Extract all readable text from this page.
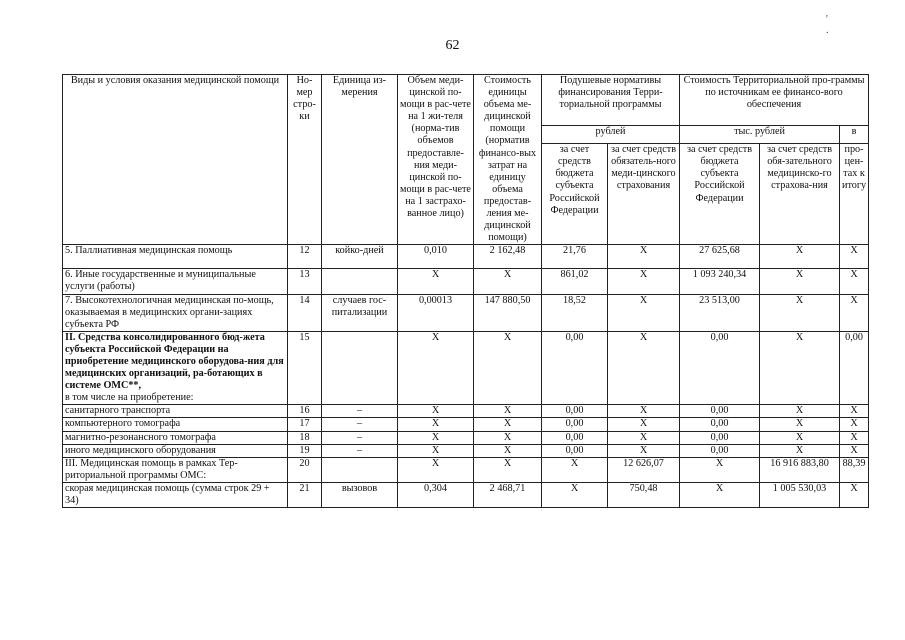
62
' .
Виды и условия оказания медицинской помощи	Но-мер стро-ки	Единица из-мерения	Объем меди-цинской по-мощи в рас-чете на 1 жи-теля (норма-тив объемов предоставле-ния меди-цинской по-мощи в рас-чете на 1 застрахо-ванное лицо)	Стоимость единицы объема ме-дицинской помощи (норматив финансо-вых затрат на единицу объема предостав-ления ме-дицинской помощи)	Подушевые нормативы финансирования Терри-ториальной программы		Стоимость Территориальной про-граммы по источникам ее финансо-вого обеспечения		
					рублей		тыс. рублей		в
					за счет средств бюджета субъекта Российской Федерации	за счет средств обязатель-ного меди-цинского страхования	за счет средств бюджета субъекта Российской Федерации	за счет средств обя-зательного медицинско-го страхова-ния	про-цен-тах к итогу
5. Паллиативная медицинская помощь	12	койко-дней	0,010	2 162,48	21,76	X	27 625,68	X	X
6. Иные государственные и муниципальные услуги (работы)	13		X	X	861,02	X	1 093 240,34	X	X
7. Высокотехнологичная медицинская по-мощь, оказываемая в медицинских органи-зациях субъекта РФ	14	случаев гос-питализации	0,00013	147 880,50	18,52	X	23 513,00	X	X
II. Средства консолидированного бюд-жета субъекта Российской Федерации на приобретение медицинского оборудова-ния для медицинских организаций, ра-ботающих в системе ОМС**,
в том числе на приобретение:	15		X	X	0,00	X	0,00	X	0,00
санитарного транспорта	16	–	X	X	0,00	X	0,00	X	X
компьютерного томографа	17	–	X	X	0,00	X	0,00	X	X
магнитно-резонансного томографа	18	–	X	X	0,00	X	0,00	X	X
иного медицинского оборудования	19	–	X	X	0,00	X	0,00	X	X
III. Медицинская помощь в рамках Тер-риториальной программы ОМС:	20		X	X	X	12 626,07	X	16 916 883,80	88,39
скорая медицинская помощь (сумма строк 29 + 34)	21	вызовов	0,304	2 468,71	X	750,48	X	1 005 530,03	X
